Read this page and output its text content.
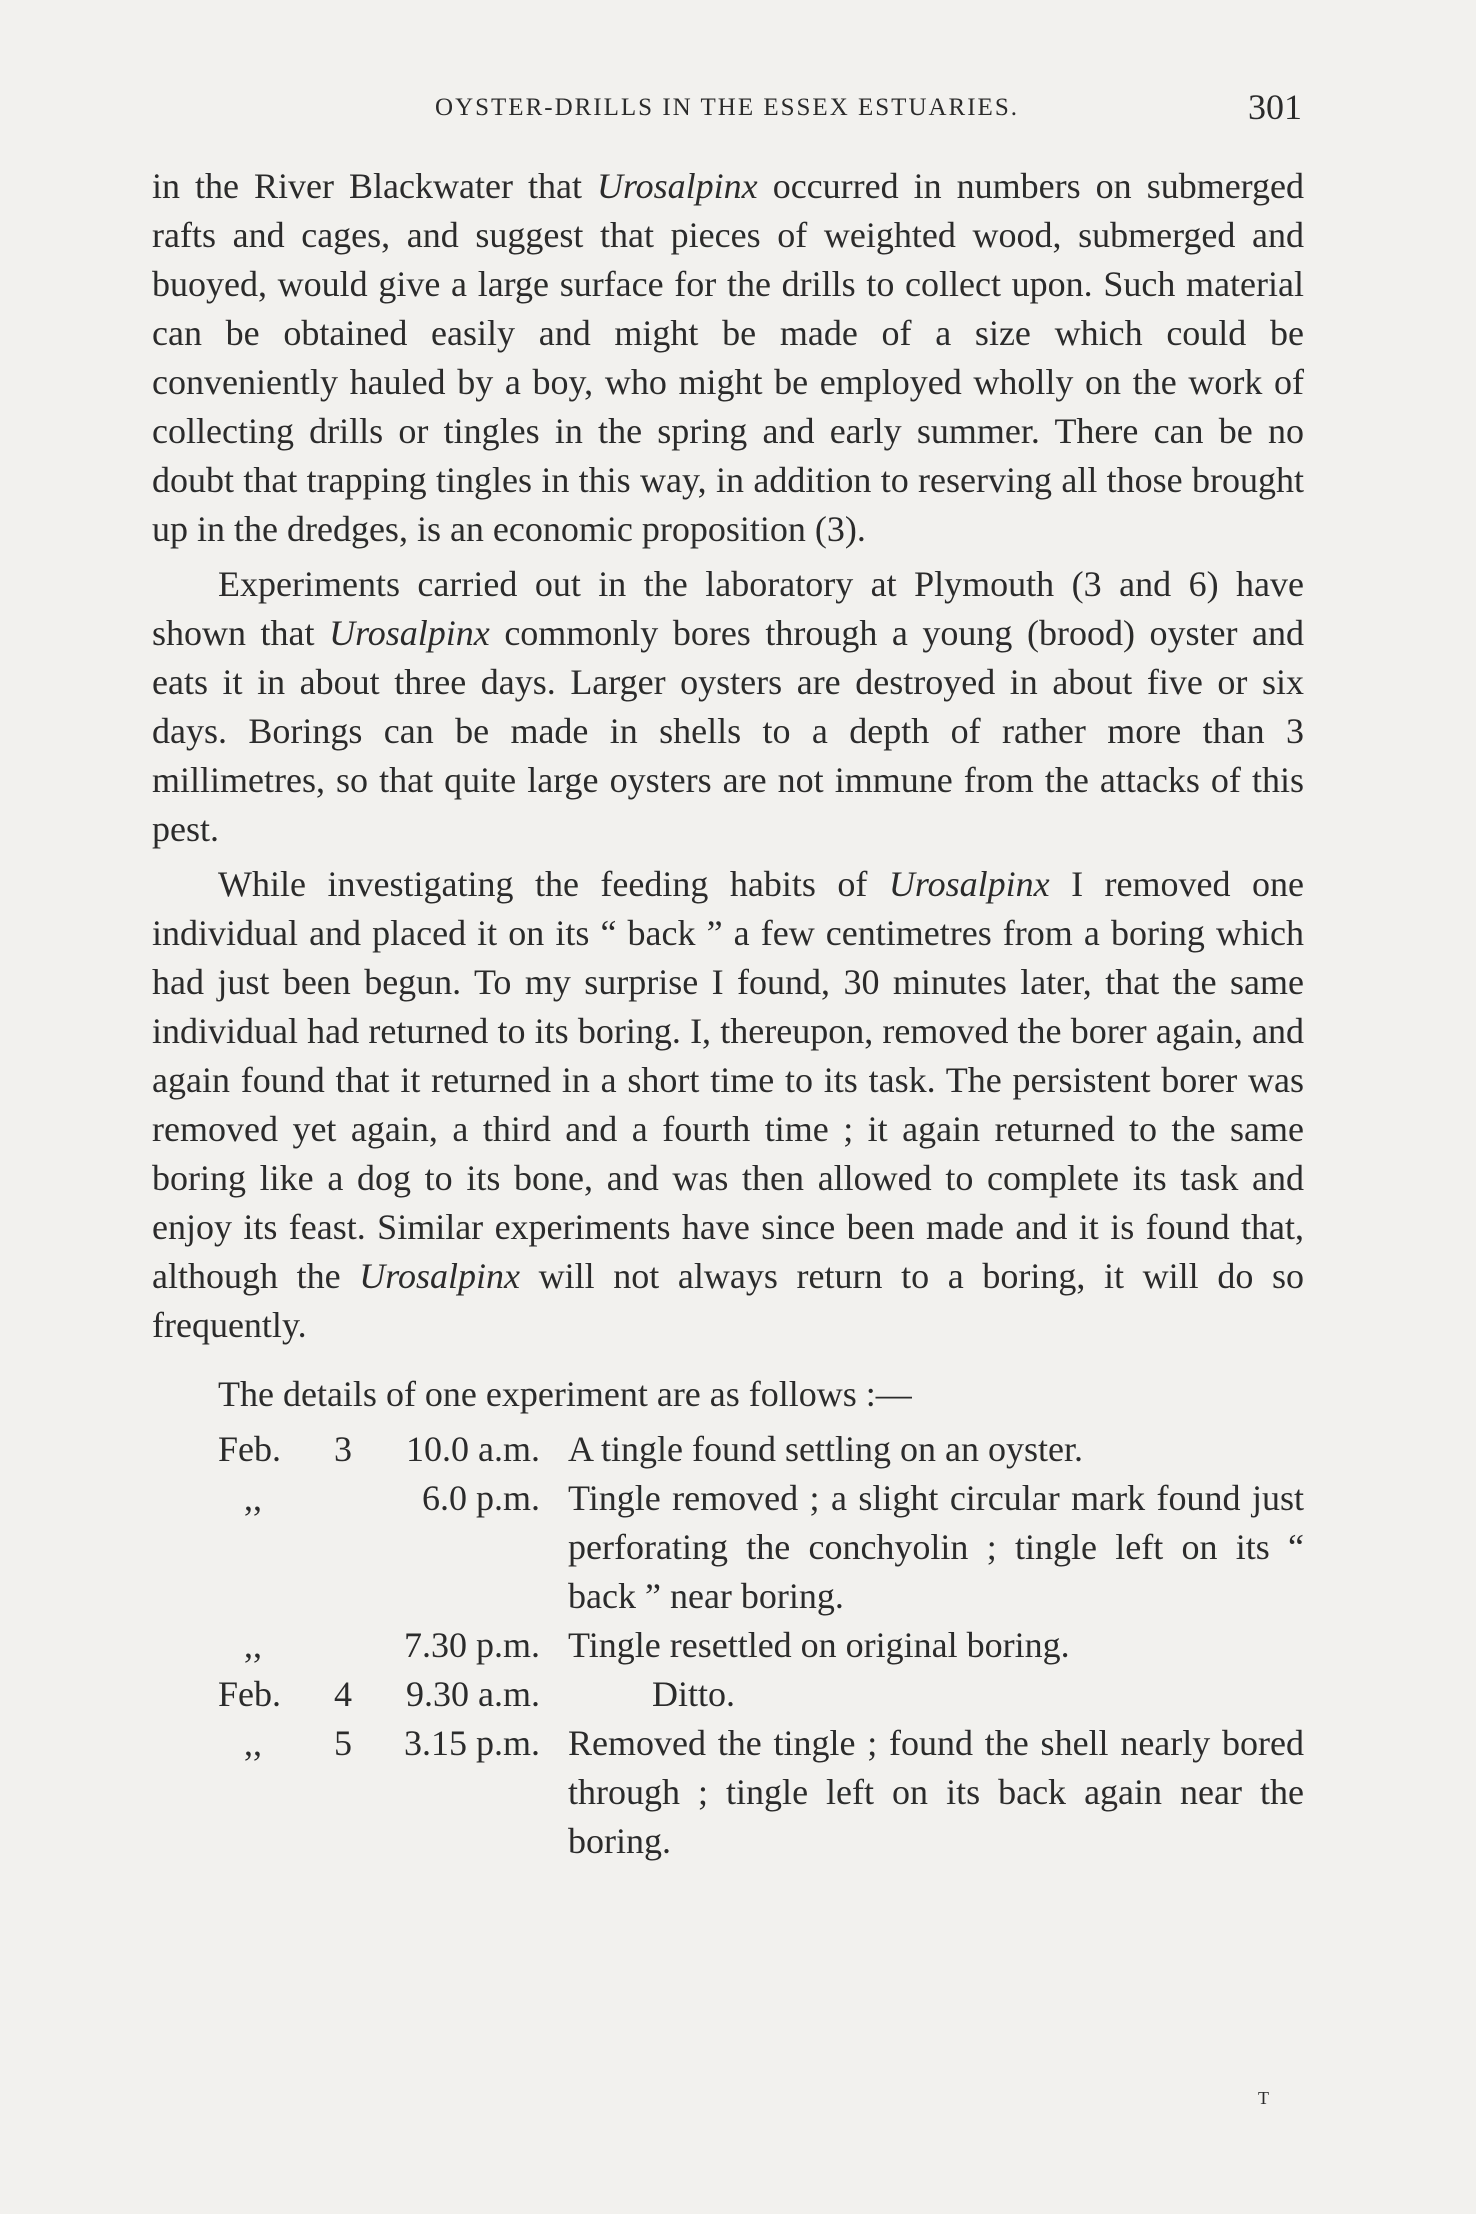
OYSTER-DRILLS IN THE ESSEX ESTUARIES.	301

in the River Blackwater that Urosalpinx occurred in numbers on submerged rafts and cages, and suggest that pieces of weighted wood, submerged and buoyed, would give a large surface for the drills to collect upon. Such material can be obtained easily and might be made of a size which could be conveniently hauled by a boy, who might be employed wholly on the work of collecting drills or tingles in the spring and early summer. There can be no doubt that trapping tingles in this way, in addition to reserving all those brought up in the dredges, is an economic proposition (3).

Experiments carried out in the laboratory at Plymouth (3 and 6) have shown that Urosalpinx commonly bores through a young (brood) oyster and eats it in about three days. Larger oysters are destroyed in about five or six days. Borings can be made in shells to a depth of rather more than 3 millimetres, so that quite large oysters are not immune from the attacks of this pest.

While investigating the feeding habits of Urosalpinx I removed one individual and placed it on its “ back ” a few centimetres from a boring which had just been begun. To my surprise I found, 30 minutes later, that the same individual had returned to its boring. I, thereupon, removed the borer again, and again found that it returned in a short time to its task. The persistent borer was removed yet again, a third and a fourth time ; it again returned to the same boring like a dog to its bone, and was then allowed to complete its task and enjoy its feast. Similar experiments have since been made and it is found that, although the Urosalpinx will not always return to a boring, it will do so frequently.

The details of one experiment are as follows :—

Feb.	3	10.0 a.m.	A tingle found settling on an oyster.
,,		6.0 p.m.	Tingle removed ; a slight circular mark found just perforating the conchyolin ; tingle left on its “ back ” near boring.
,,		7.30 p.m.	Tingle resettled on original boring.
Feb.	4	9.30 a.m.	Ditto.
,,	5	3.15 p.m.	Removed the tingle ; found the shell nearly bored through ; tingle left on its back again near the boring.
T
